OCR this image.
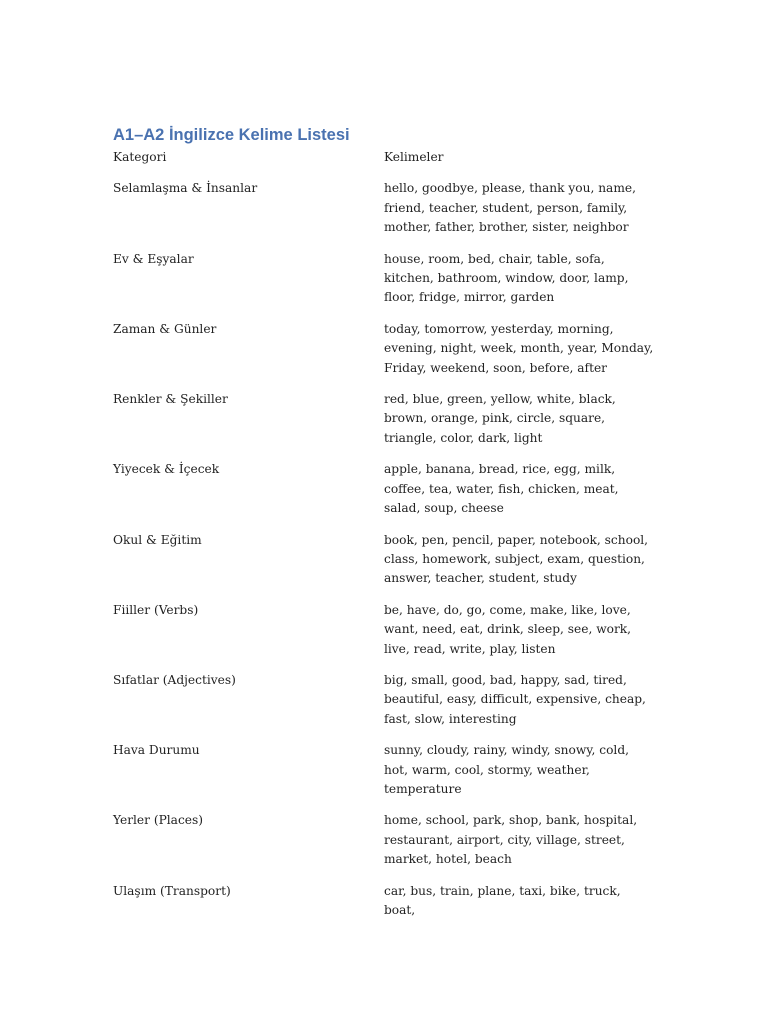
A1–A2 İngilizce Kelime Listesi
Kategori	Kelimeler
Selamlaşma & İnsanlar	hello, goodbye, please, thank you, name, friend, teacher, student, person, family, mother, father, brother, sister, neighbor
Ev & Eşyalar	house, room, bed, chair, table, sofa, kitchen, bathroom, window, door, lamp, floor, fridge, mirror, garden
Zaman & Günler	today, tomorrow, yesterday, morning, evening, night, week, month, year, Monday, Friday, weekend, soon, before, after
Renkler & Şekiller	red, blue, green, yellow, white, black, brown, orange, pink, circle, square, triangle, color, dark, light
Yiyecek & İçecek	apple, banana, bread, rice, egg, milk, coffee, tea, water, fish, chicken, meat, salad, soup, cheese
Okul & Eğitim	book, pen, pencil, paper, notebook, school, class, homework, subject, exam, question, answer, teacher, student, study
Fiiller (Verbs)	be, have, do, go, come, make, like, love, want, need, eat, drink, sleep, see, work, live, read, write, play, listen
Sıfatlar (Adjectives)	big, small, good, bad, happy, sad, tired, beautiful, easy, difficult, expensive, cheap, fast, slow, interesting
Hava Durumu	sunny, cloudy, rainy, windy, snowy, cold, hot, warm, cool, stormy, weather, temperature
Yerler (Places)	home, school, park, shop, bank, hospital, restaurant, airport, city, village, street, market, hotel, beach
Ulaşım (Transport)	car, bus, train, plane, taxi, bike, truck, boat,
